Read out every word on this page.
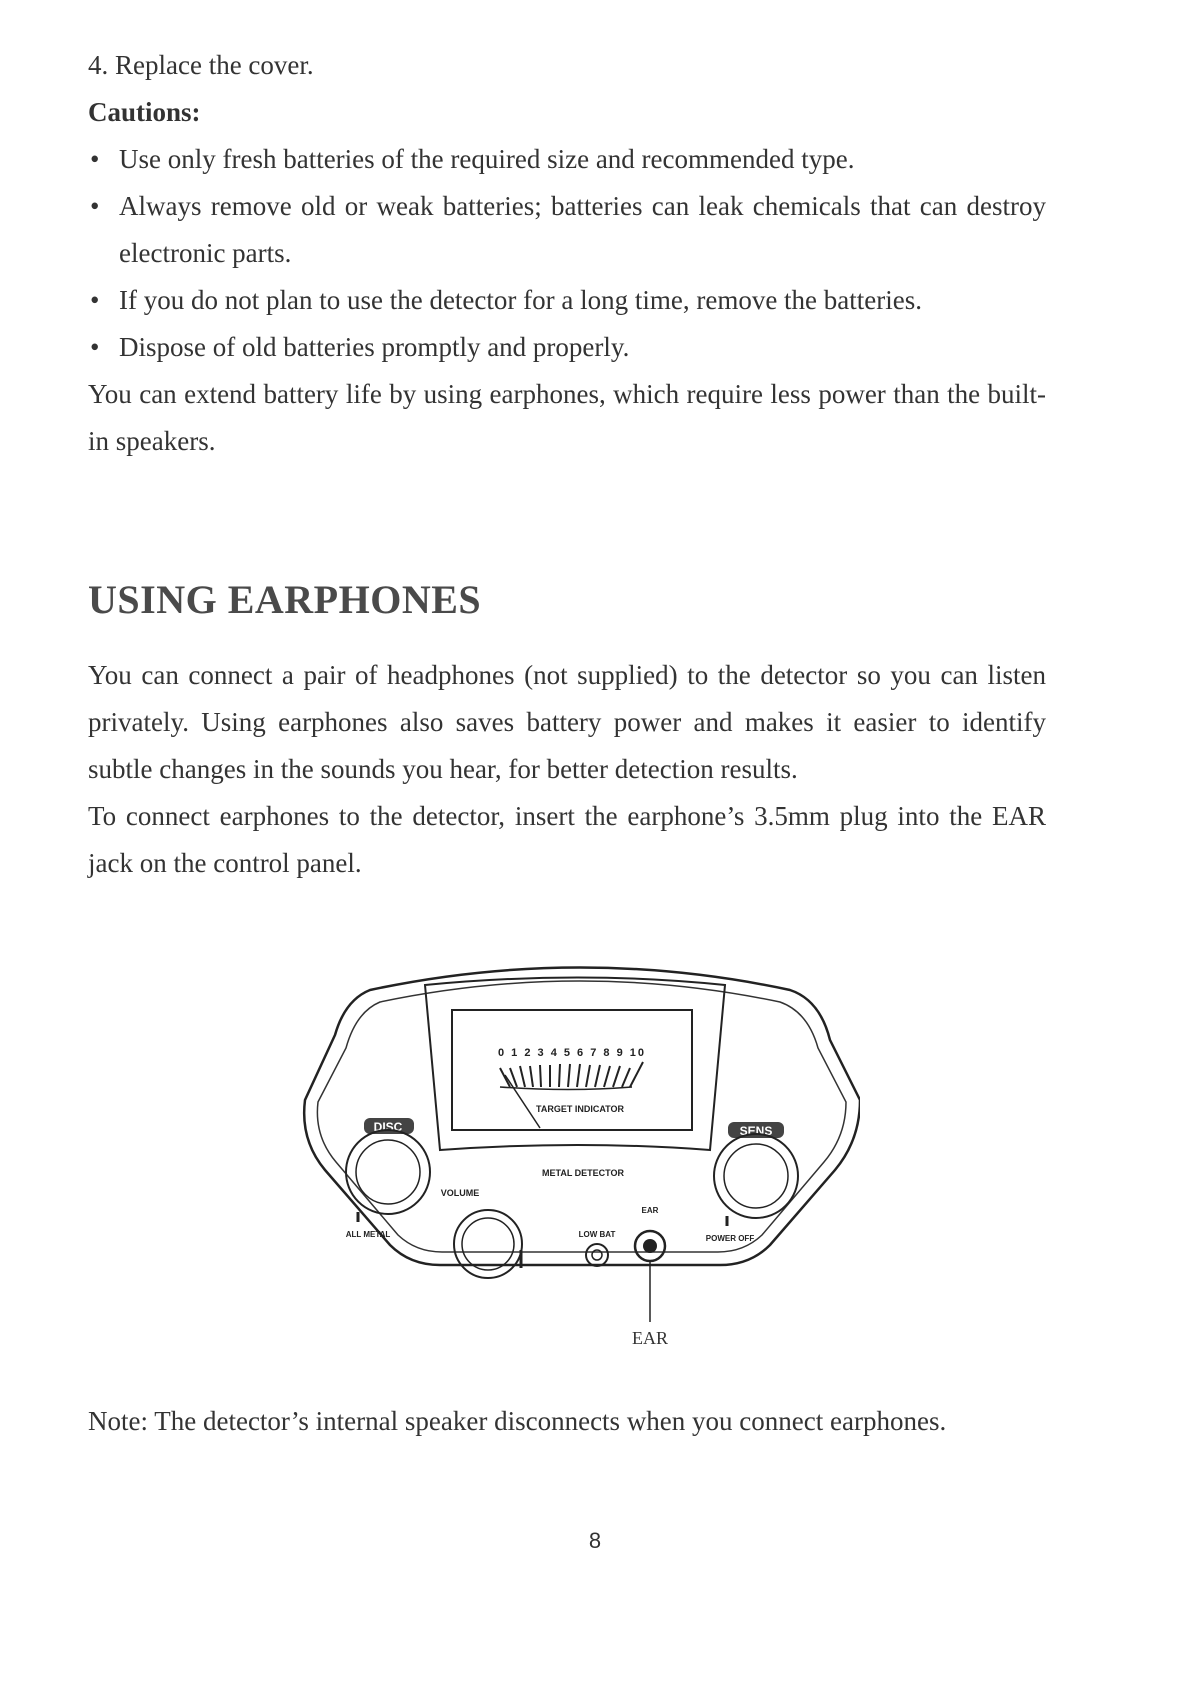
4. Replace the cover.

Cautions:

• Use only fresh batteries of the required size and recommended type.

• Always remove old or weak batteries; batteries can leak chemicals that can destroy electronic parts.

• If you do not plan to use the detector for a long time, remove the batteries.

• Dispose of old batteries promptly and properly.

You can extend battery life by using earphones, which require less power than the built-in speakers.

USING EARPHONES

You can connect a pair of headphones (not supplied) to the detector so you can listen privately. Using earphones also saves battery power and makes it easier to identify subtle changes in the sounds you hear, for better detection results.

To connect earphones to the detector, insert the earphone’s 3.5mm plug into the EAR jack on the control panel.

0 1 2 3 4 5 6 7 8 9 10
TARGET INDICATOR
METAL DETECTOR
DISC
ALL METAL
SENS
POWER OFF
VOLUME
LOW BAT
EAR
EAR
Note: The detector’s internal speaker disconnects when you connect earphones.
8
